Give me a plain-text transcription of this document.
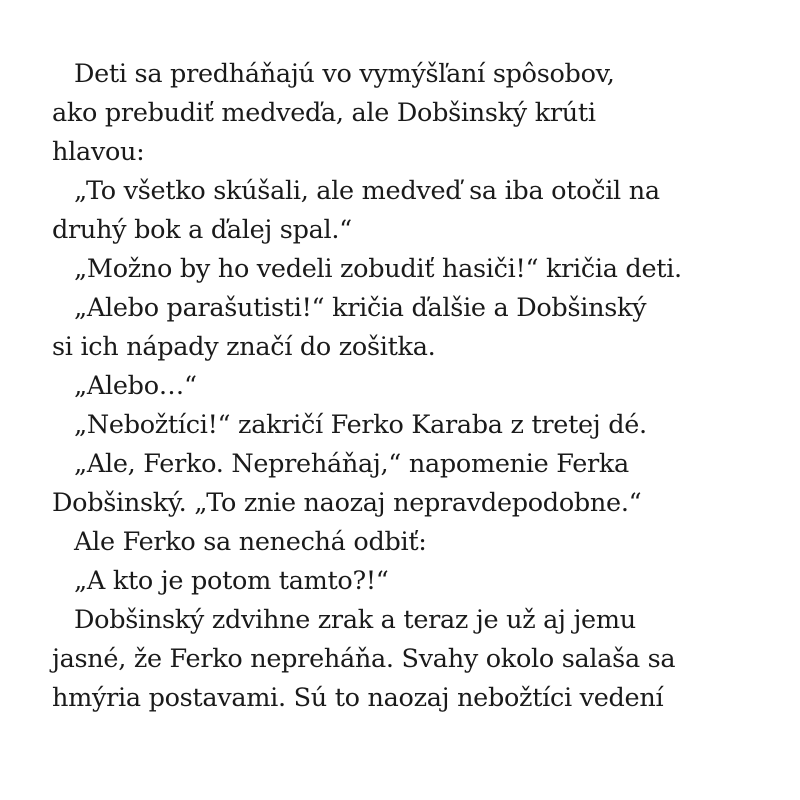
Deti sa predháňajú vo vymýšľaní spôsobov,
ako prebudiť medveďa, ale Dobšinský krúti
hlavou:
„To všetko skúšali, ale medveď sa iba otočil na
druhý bok a ďalej spal.“
„Možno by ho vedeli zobudiť hasiči!“ kričia deti.
„Alebo parašutisti!“ kričia ďalšie a Dobšinský
si ich nápady značí do zošitka.
„Alebo…“
„Nebožtíci!“ zakričí Ferko Karaba z tretej dé.
„Ale, Ferko. Nepreháňaj,“ napomenie Ferka
Dobšinský. „To znie naozaj nepravdepodobne.“
Ale Ferko sa nenechá odbiť:
„A kto je potom tamto?!“
Dobšinský zdvihne zrak a teraz je už aj jemu
jasné, že Ferko nepreháňa. Svahy okolo salaša sa
hmýria postavami. Sú to naozaj nebožtíci vedení
